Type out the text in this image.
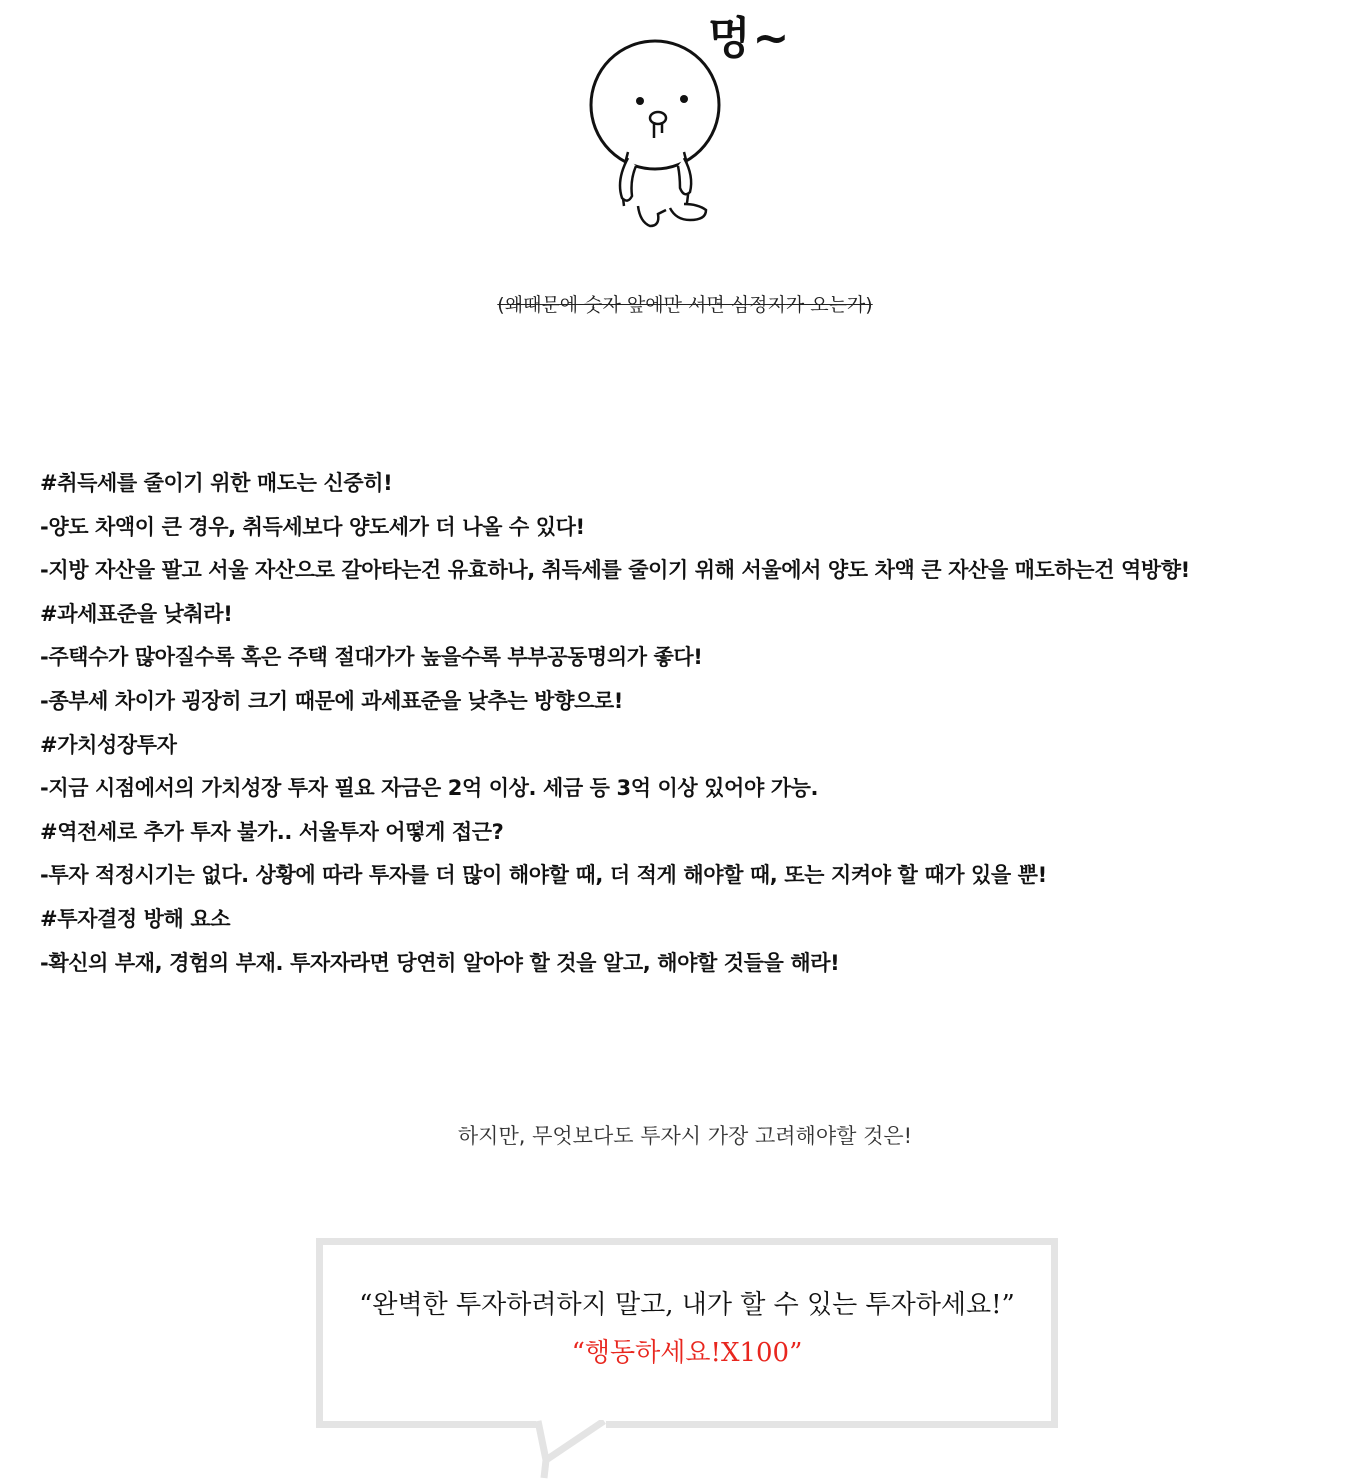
멍~
(왜때문에 숫자 앞에만 서면 심정지가 오는가)
#취득세를 줄이기 위한 매도는 신중히!
-양도 차액이 큰 경우, 취득세보다 양도세가 더 나올 수 있다!
-지방 자산을 팔고 서울 자산으로 갈아타는건 유효하나, 취득세를 줄이기 위해 서울에서 양도 차액 큰 자산을 매도하는건 역방향!
#과세표준을 낮춰라!
-주택수가 많아질수록 혹은 주택 절대가가 높을수록 부부공동명의가 좋다!
-종부세 차이가 굉장히 크기 때문에 과세표준을 낮추는 방향으로!
#가치성장투자
-지금 시점에서의 가치성장 투자 필요 자금은 2억 이상. 세금 등 3억 이상 있어야 가능.
#역전세로 추가 투자 불가.. 서울투자 어떻게 접근?
-투자 적정시기는 없다. 상황에 따라 투자를 더 많이 해야할 때, 더 적게 해야할 때, 또는 지켜야 할 때가 있을 뿐!
#투자결정 방해 요소
-확신의 부재, 경험의 부재. 투자자라면 당연히 알아야 할 것을 알고, 해야할 것들을 해라!
하지만, 무엇보다도 투자시 가장 고려해야할 것은!
“완벽한 투자하려하지 말고, 내가 할 수 있는 투자하세요!”
“행동하세요!X100”
